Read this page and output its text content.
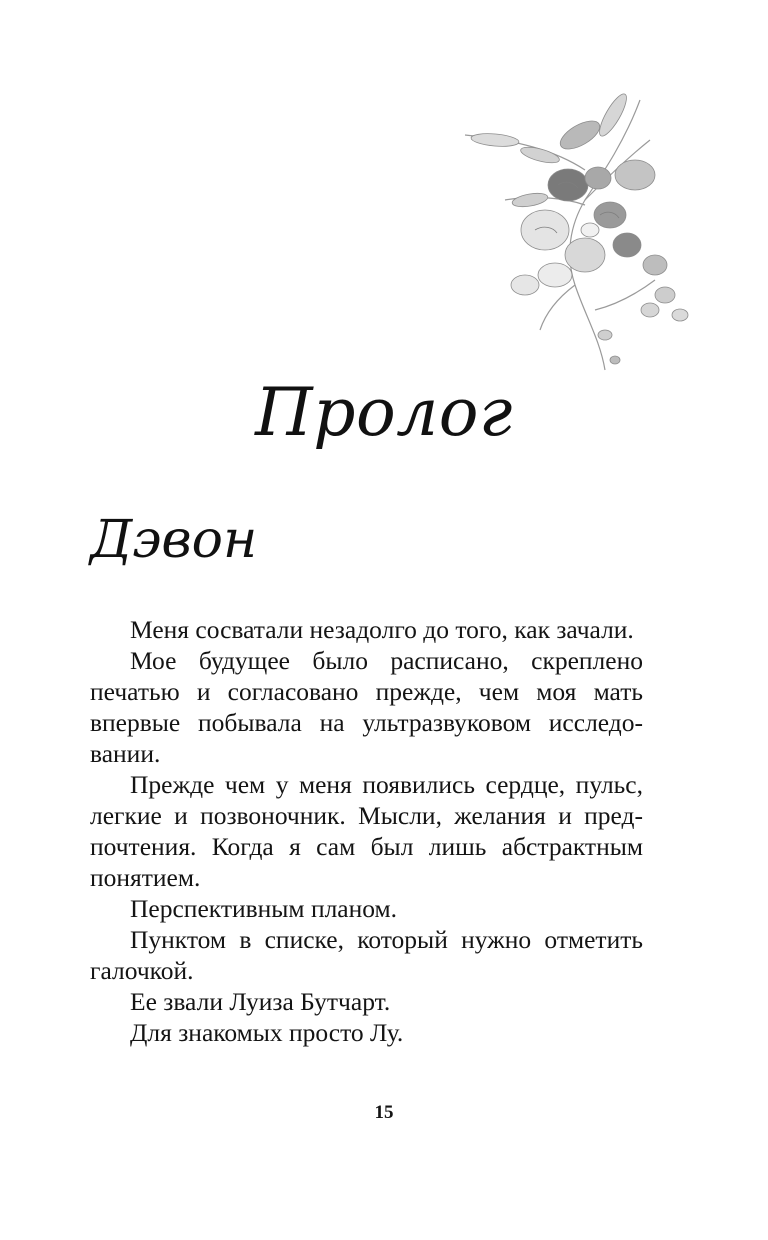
Пролог
Дэвон

Меня сосватали незадолго до того, как зачали.

Мое будущее было расписано, скреплено печатью и согласовано прежде, чем моя мать впервые побывала на ультразвуковом исследовании.

Прежде чем у меня появились сердце, пульс, легкие и позвоночник. Мысли, желания и предпочтения. Когда я сам был лишь абстрактным понятием.

Перспективным планом.

Пунктом в списке, который нужно отметить галочкой.

Ее звали Луиза Бутчарт.

Для знакомых просто Лу.

15
